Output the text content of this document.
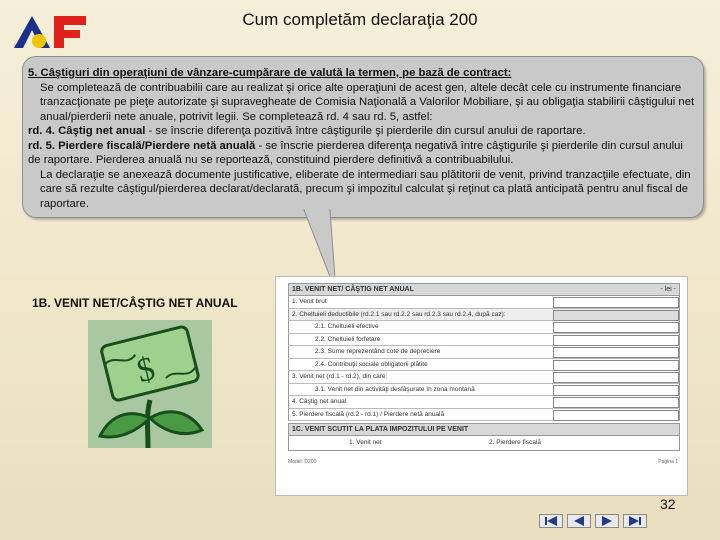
Cum completăm declaraţia 200

5. Câştiguri din operaţiuni de vânzare-cumpărare de valută la termen, pe bază de contract:

Se completează de contribuabilii care au realizat şi orice alte operaţiuni de acest gen, altele decât cele cu instrumente financiare tranzacţionate pe pieţe autorizate şi supravegheate de Comisia Naţională a Valorilor Mobiliare, şi au obligaţia stabilirii câştigului net anual/pierderii nete anuale, potrivit legii. Se completează rd. 4 sau rd. 5, astfel:

rd. 4. Câştig net anual - se înscrie diferenţa pozitivă între câştigurile şi pierderile din cursul anului de raportare.

rd. 5. Pierdere fiscală/Pierdere netă anuală - se înscrie pierderea diferenţa negativă între câştigurile şi pierderile din cursul anului de raportare. Pierderea anuală nu se reportează, constituind pierdere definitivă a contribuabilului.

La declaraţie se anexează documente justificative, eliberate de intermediari sau plătitorii de venit, privind tranzacţiile efectuate, din care să rezulte câştigul/pierderea declarat/declarată, precum şi impozitul calculat şi reţinut ca plată anticipată pentru anul fiscal de raportare.

1B. VENIT NET/CÂŞTIG NET ANUAL
$
1B. VENIT NET/ CÂŞTIG NET ANUAL	- lei -
1. Venit brut
2. Cheltuieli deductibile (rd.2.1 sau rd.2.2 sau rd.2.3 sau rd.2.4, după caz):
2.1. Cheltuieli efective
2.2. Cheltuieli forfetare
2.3. Sume reprezentând cote de depreciere
2.4. Contribuţii sociale obligatorii plătite
3. Venit net (rd.1 - rd.2), din care:
3.1. Venit net din activităţi desfăşurate în zona montană
4. Câştig net anual
5. Pierdere fiscală (rd.2 - rd.1) / Pierdere netă anuală
1C. VENIT SCUTIT LA PLATA IMPOZITULUI PE VENIT
1. Venit net	2. Pierdere fiscală
Model: D200	Pagina 1
32
